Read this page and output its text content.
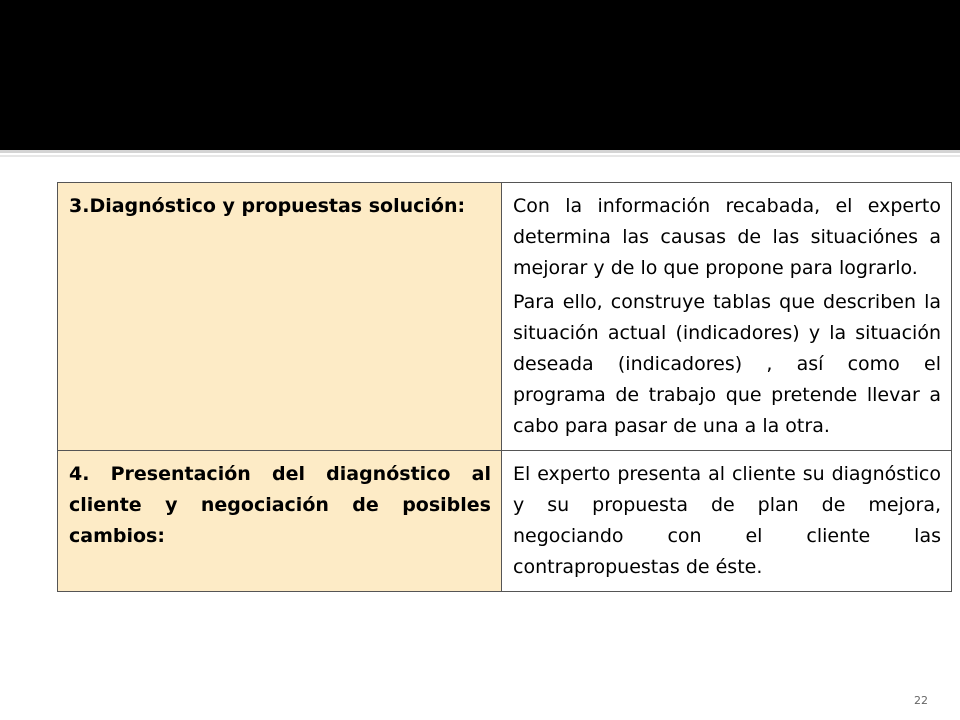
3.Diagnóstico y propuestas solución:	Con la información recabada, el experto determina las causas de las situaciónes a mejorar y de lo que propone para lograrlo.
Para ello, construye tablas que describen la situación actual (indicadores) y la situación deseada (indicadores) , así como el programa de trabajo que pretende llevar a cabo para pasar de una a la otra.

4. Presentación del diagnóstico al cliente y negociación de posibles cambios:	El experto presenta al cliente su diagnóstico y su propuesta de plan de mejora, negociando con el cliente las contrapropuestas de éste.
22
